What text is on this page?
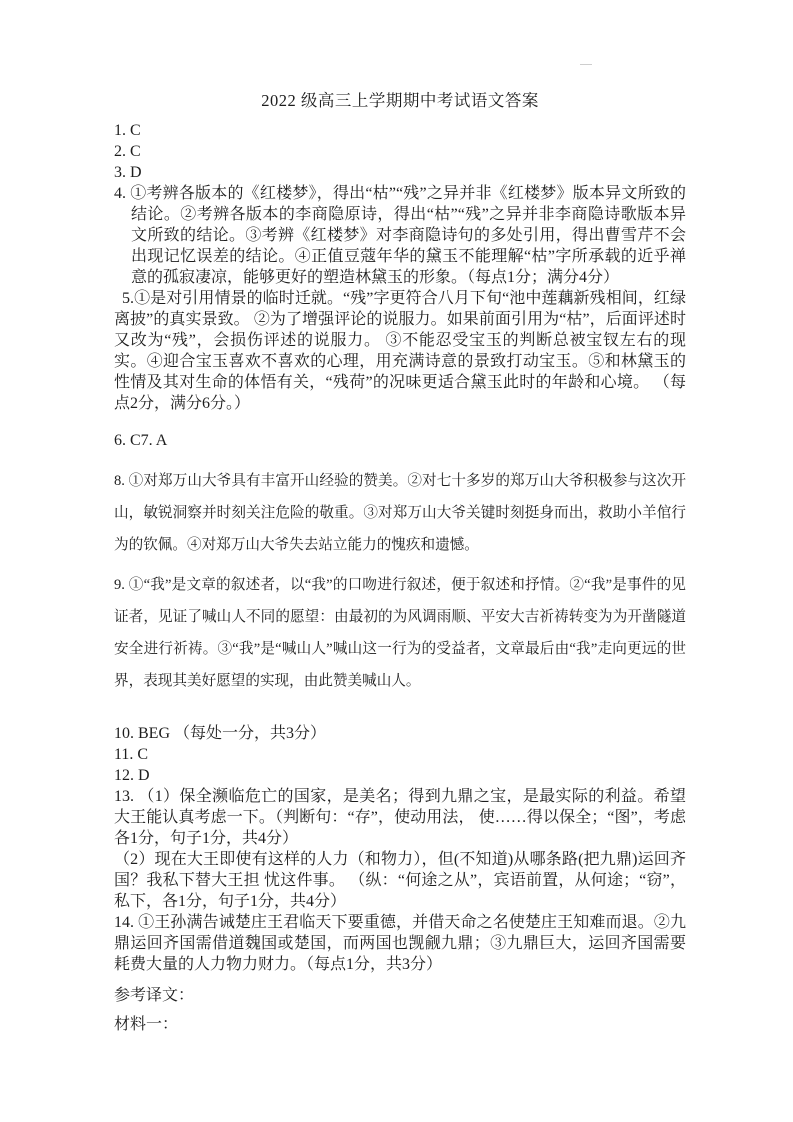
＿
2022 级高三上学期期中考试语文答案

1. C

2. C

3. D

4. ①考辨各版本的《红楼梦》，得出“枯”“残”之异并非《红楼梦》版本异文所致的结论。②考辨各版本的李商隐原诗，得出“枯”“残”之异并非李商隐诗歌版本异文所致的结论。③考辨《红楼梦》对李商隐诗句的多处引用，得出曹雪芹不会出现记忆误差的结论。④正值豆蔻年华的黛玉不能理解“枯”字所承载的近乎禅意的孤寂凄凉，能够更好的塑造林黛玉的形象。（每点1分；满分4分）

5.①是对引用情景的临时迁就。“残”字更符合八月下旬“池中莲藕新残相间，红绿离披”的真实景致。 ②为了增强评论的说服力。如果前面引用为“枯”，后面评述时又改为“残”，会损伤评述的说服力。 ③不能忍受宝玉的判断总被宝钗左右的现实。④迎合宝玉喜欢不喜欢的心理，用充满诗意的景致打动宝玉。⑤和林黛玉的性情及其对生命的体悟有关，“残荷”的况味更适合黛玉此时的年龄和心境。 （每点2分，满分6分。）

6. C7. A

8. ①对郑万山大爷具有丰富开山经验的赞美。②对七十多岁的郑万山大爷积极参与这次开山，敏锐洞察并时刻关注危险的敬重。③对郑万山大爷关键时刻挺身而出，救助小羊倌行为的钦佩。④对郑万山大爷失去站立能力的愧疚和遗憾。

9. ①“我”是文章的叙述者，以“我”的口吻进行叙述，便于叙述和抒情。②“我”是事件的见证者，见证了喊山人不同的愿望：由最初的为风调雨顺、平安大吉祈祷转变为为开凿隧道安全进行祈祷。③“我”是“喊山人”喊山这一行为的受益者，文章最后由“我”走向更远的世界，表现其美好愿望的实现，由此赞美喊山人。

10. BEG （每处一分，共3分）

11. C

12. D

13. （1）保全濒临危亡的国家，是美名；得到九鼎之宝，是最实际的利益。希望大王能认真考虑一下。（判断句：“存”，使动用法， 使……得以保全；“图”，考虑 各1分，句子1分，共4分）

（2）现在大王即使有这样的人力（和物力），但(不知道)从哪条路(把九鼎)运回齐国？我私下替大王担 忧这件事。 （纵：“何途之从”，宾语前置，从何途；“窃”，私下，各1分，句子1分，共4分）

14. ①王孙满告诫楚庄王君临天下要重德，并借天命之名使楚庄王知难而退。②九鼎运回齐国需借道魏国或楚国，而两国也觊觎九鼎；③九鼎巨大，运回齐国需要耗费大量的人力物力财力。（每点1分，共3分）

参考译文：

材料一：
